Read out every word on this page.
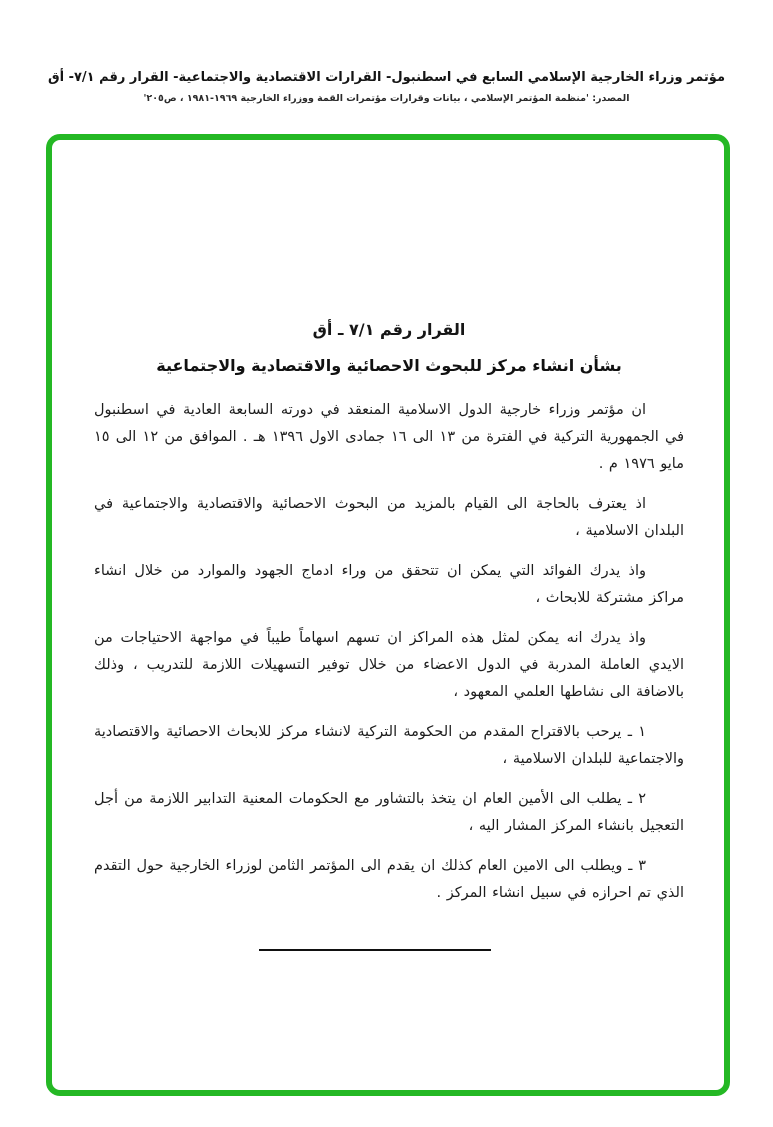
مؤتمر وزراء الخارجية الإسلامي السابع في اسطنبول- القرارات الاقتصادية والاجتماعية- القرار رقم ٧/١- أق
المصدر: 'منظمة المؤتمر الإسلامي ، بيانات وقرارات مؤتمرات القمة ووزراء الخارجية ١٩٦٩-١٩٨١ ، ص٢٠٥'
القرار رقم ٧/١ ـ أق
بشأن انشاء مركز للبحوث الاحصائية والاقتصادية والاجتماعية

ان مؤتمر وزراء خارجية الدول الاسلامية المنعقد في دورته السابعة العادية في اسطنبول في الجمهورية التركية في الفترة من ١٣ الى ١٦ جمادى الاول ١٣٩٦ هـ . الموافق من ١٢ الى ١٥ مايو ١٩٧٦ م .

اذ يعترف بالحاجة الى القيام بالمزيد من البحوث الاحصائية والاقتصادية والاجتماعية في البلدان الاسلامية ،

واذ يدرك الفوائد التي يمكن ان تتحقق من وراء ادماج الجهود والموارد من خلال انشاء مراكز مشتركة للابحاث ،

واذ يدرك انه يمكن لمثل هذه المراكز ان تسهم اسهاماً طيباً في مواجهة الاحتياجات من الايدي العاملة المدربة في الدول الاعضاء من خلال توفير التسهيلات اللازمة للتدريب ، وذلك بالاضافة الى نشاطها العلمي المعهود ،

١ ـ يرحب بالاقتراح المقدم من الحكومة التركية لانشاء مركز للابحاث الاحصائية والاقتصادية والاجتماعية للبلدان الاسلامية ،

٢ ـ يطلب الى الأمين العام ان يتخذ بالتشاور مع الحكومات المعنية التدابير اللازمة من أجل التعجيل بانشاء المركز المشار اليه ،

٣ ـ ويطلب الى الامين العام كذلك ان يقدم الى المؤتمر الثامن لوزراء الخارجية حول التقدم الذي تم احرازه في سبيل انشاء المركز .
